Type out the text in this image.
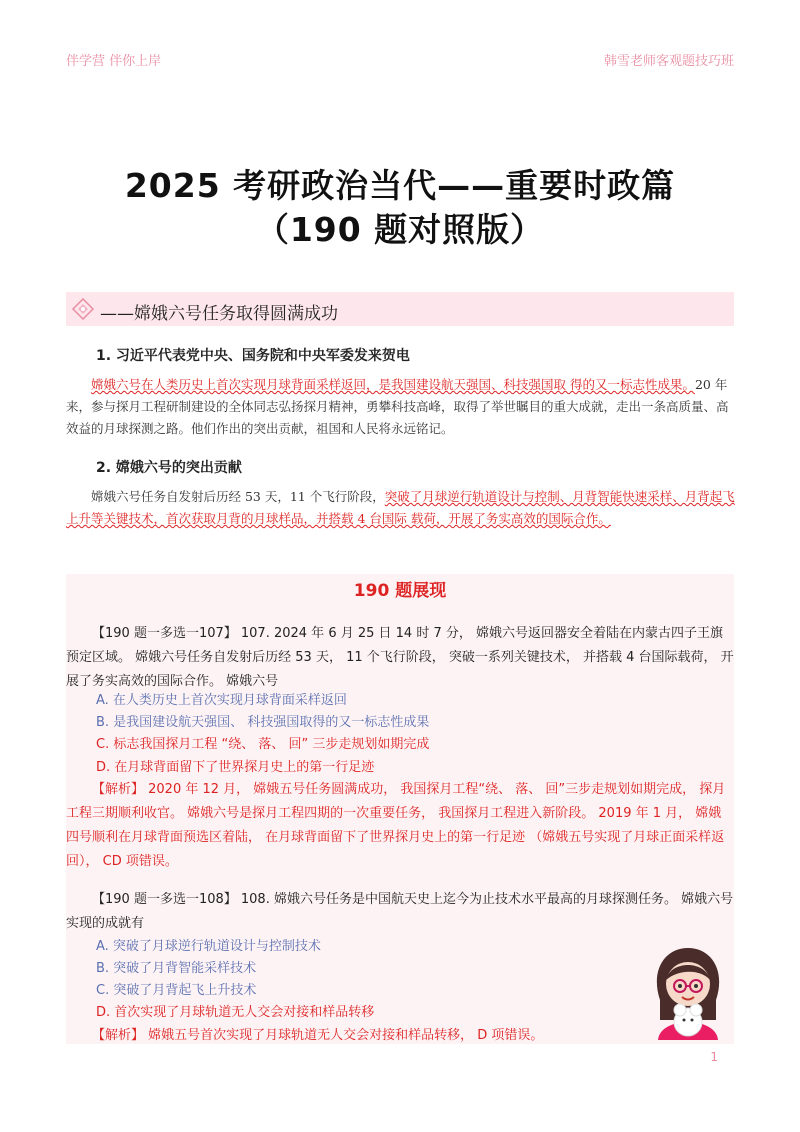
伴学营 伴你上岸	韩雪老师客观题技巧班
2025 考研政治当代——重要时政篇
（190 题对照版）
——嫦娥六号任务取得圆满成功
1. 习近平代表党中央、国务院和中央军委发来贺电
嫦娥六号在人类历史上首次实现月球背面采样返回，是我国建设航天强国、科技强国取 得的又一标志性成果。20 年来，参与探月工程研制建设的全体同志弘扬探月精神，勇攀科技高峰，取得了举世瞩目的重大成就，走出一条高质量、高效益的月球探测之路。他们作出的突出贡献，祖国和人民将永远铭记。
2. 嫦娥六号的突出贡献
嫦娥六号任务自发射后历经 53 天，11 个飞行阶段，突破了月球逆行轨道设计与控制、月背智能快速采样、月背起飞上升等关键技术，首次获取月背的月球样品，并搭载 4 台国际 载荷，开展了务实高效的国际合作。
190 题展现
【190 题一多选一107】 107. 2024 年 6 月 25 日 14 时 7 分， 嫦娥六号返回器安全着陆在内蒙古四子王旗预定区域。 嫦娥六号任务自发射后历经 53 天， 11 个飞行阶段， 突破一系列关键技术， 并搭载 4 台国际载荷， 开展了务实高效的国际合作。 嫦娥六号
A. 在人类历史上首次实现月球背面采样返回
B. 是我国建设航天强国、 科技强国取得的又一标志性成果
C. 标志我国探月工程 “绕、 落、 回” 三步走规划如期完成
D. 在月球背面留下了世界探月史上的第一行足迹
【解析】 2020 年 12 月， 嫦娥五号任务圆满成功， 我国探月工程“绕、 落、 回”三步走规划如期完成， 探月工程三期顺利收官。 嫦娥六号是探月工程四期的一次重要任务， 我国探月工程进入新阶段。 2019 年 1 月， 嫦娥四号顺利在月球背面预选区着陆， 在月球背面留下了世界探月史上的第一行足迹 （嫦娥五号实现了月球正面采样返回）， CD 项错误。
【190 题一多选一108】 108. 嫦娥六号任务是中国航天史上迄今为止技术水平最高的月球探测任务。 嫦娥六号实现的成就有
A. 突破了月球逆行轨道设计与控制技术
B. 突破了月背智能采样技术
C. 突破了月背起飞上升技术
D. 首次实现了月球轨道无人交会对接和样品转移
【解析】 嫦娥五号首次实现了月球轨道无人交会对接和样品转移， D 项错误。
1
